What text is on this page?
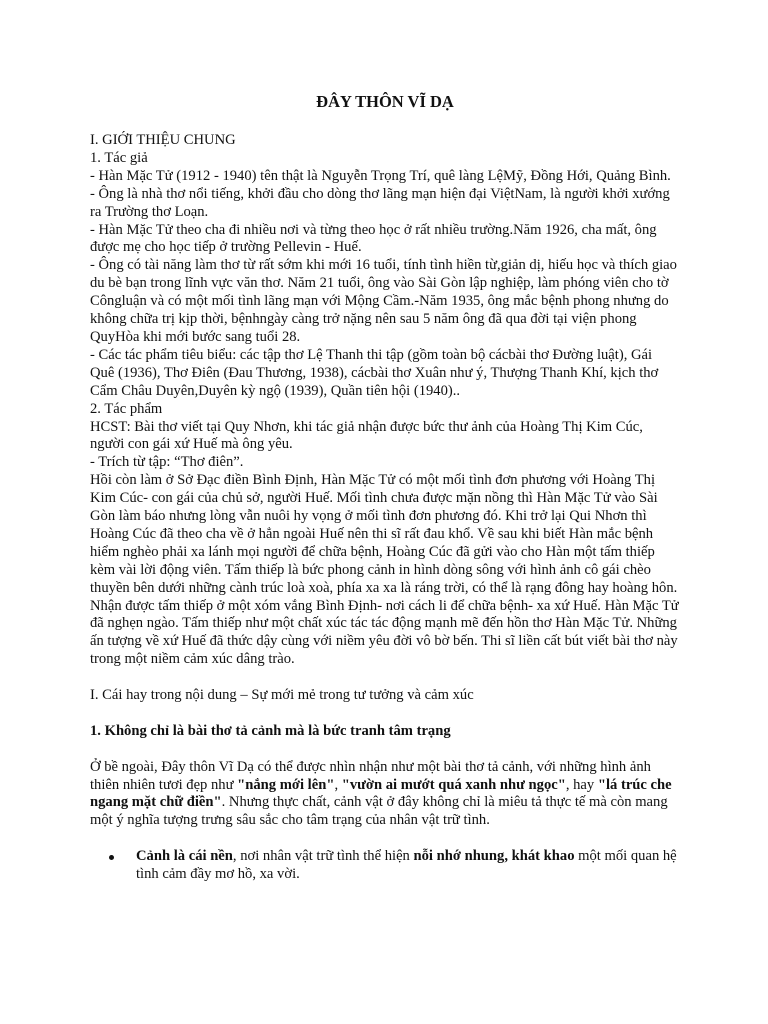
ĐÂY THÔN VĨ DẠ

I. GIỚI THIỆU CHUNG

1. Tác giả

- Hàn Mặc Tử (1912 - 1940) tên thật là Nguyễn Trọng Trí, quê làng LệMỹ, Đồng Hới, Quảng Bình.

- Ông là nhà thơ nổi tiếng, khởi đầu cho dòng thơ lãng mạn hiện đại ViệtNam, là người khởi xướng ra Trường thơ Loạn.

- Hàn Mặc Tử theo cha đi nhiều nơi và từng theo học ở rất nhiều trường.Năm 1926, cha mất, ông được mẹ cho học tiếp ở trường Pellevin - Huế.

- Ông có tài năng làm thơ từ rất sớm khi mới 16 tuổi, tính tình hiền từ,giản dị, hiếu học và thích giao du bè bạn trong lĩnh vực văn thơ. Năm 21 tuổi, ông vào Sài Gòn lập nghiệp, làm phóng viên cho tờ Côngluận và có một mối tình lãng mạn với Mộng Cầm.-Năm 1935, ông mắc bệnh phong nhưng do không chữa trị kịp thời, bệnhngày càng trở nặng nên sau 5 năm ông đã qua đời tại viện phong QuyHòa khi mới bước sang tuổi 28.

- Các tác phẩm tiêu biểu: các tập thơ Lệ Thanh thi tập (gồm toàn bộ cácbài thơ Đường luật), Gái Quê (1936), Thơ Điên (Đau Thương, 1938), cácbài thơ Xuân như ý, Thượng Thanh Khí, kịch thơ Cẩm Châu Duyên,Duyên kỳ ngộ (1939), Quần tiên hội (1940)..

2. Tác phẩm

HCST: Bài thơ viết tại Quy Nhơn, khi tác giả nhận được bức thư ảnh của Hoàng Thị Kim Cúc, người con gái xứ Huế mà ông yêu.

- Trích từ tập: “Thơ điên”.

Hồi còn làm ở Sở Đạc điền Bình Định, Hàn Mặc Tử có một mối tình đơn phương với Hoàng Thị Kim Cúc- con gái của chủ sở, người Huế. Mối tình chưa được mặn nồng thì Hàn Mặc Tử vào Sài Gòn làm báo nhưng lòng vẫn nuôi hy vọng ở mối tình đơn phương đó. Khi trở lại Qui Nhơn thì Hoàng Cúc đã theo cha về ở hẳn ngoài Huế nên thi sĩ rất đau khổ. Về sau khi biết Hàn mắc bệnh hiểm nghèo phải xa lánh mọi người để chữa bệnh, Hoàng Cúc đã gửi vào cho Hàn một tấm thiếp kèm vài lời động viên. Tấm thiếp là bức phong cảnh in hình dòng sông với hình ảnh cô gái chèo thuyền bên dưới những cành trúc loà xoà, phía xa xa là ráng trời, có thể là rạng đông hay hoàng hôn. Nhận được tấm thiếp ở một xóm vắng Bình Định- nơi cách li để chữa bệnh- xa xứ Huế. Hàn Mặc Tử đã nghẹn ngào. Tấm thiếp như một chất xúc tác tác động mạnh mẽ đến hồn thơ Hàn Mặc Tử. Những ấn tượng về xứ Huế đã thức dậy cùng với niềm yêu đời vô bờ bến. Thi sĩ liền cất bút viết bài thơ này trong một niềm cảm xúc dâng trào.

I. Cái hay trong nội dung – Sự mới mẻ trong tư tưởng và cảm xúc

1. Không chỉ là bài thơ tả cảnh mà là bức tranh tâm trạng

Ở bề ngoài, Đây thôn Vĩ Dạ có thể được nhìn nhận như một bài thơ tả cảnh, với những hình ảnh thiên nhiên tươi đẹp như "nắng mới lên", "vườn ai mướt quá xanh như ngọc", hay "lá trúc che ngang mặt chữ điền". Nhưng thực chất, cảnh vật ở đây không chỉ là miêu tả thực tế mà còn mang một ý nghĩa tượng trưng sâu sắc cho tâm trạng của nhân vật trữ tình.

Cảnh là cái nền, nơi nhân vật trữ tình thể hiện nỗi nhớ nhung, khát khao một mối quan hệ tình cảm đầy mơ hồ, xa vời.
